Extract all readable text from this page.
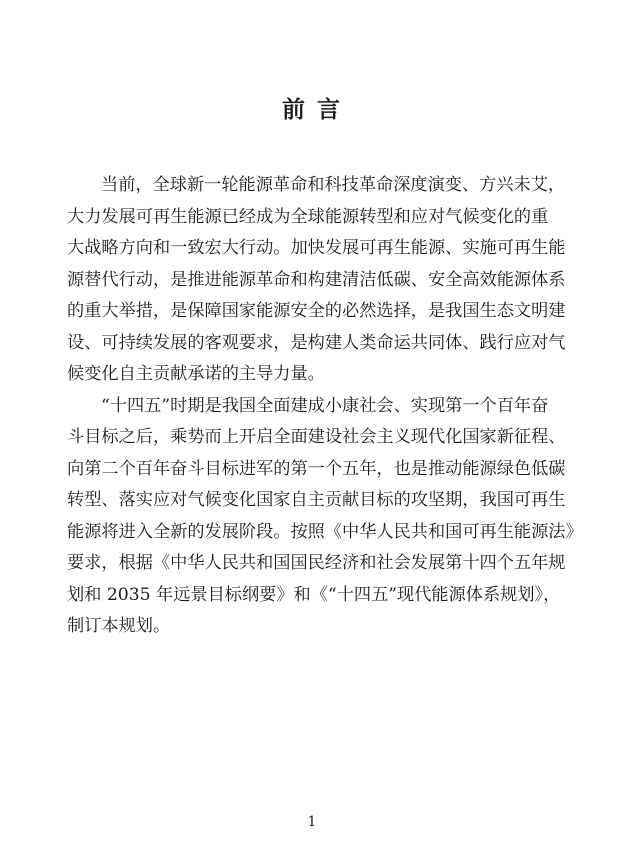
前 言
当前，全球新一轮能源革命和科技革命深度演变、方兴未艾，
大力发展可再生能源已经成为全球能源转型和应对气候变化的重
大战略方向和一致宏大行动。加快发展可再生能源、实施可再生能
源替代行动，是推进能源革命和构建清洁低碳、安全高效能源体系
的重大举措，是保障国家能源安全的必然选择，是我国生态文明建
设、可持续发展的客观要求，是构建人类命运共同体、践行应对气
候变化自主贡献承诺的主导力量。
“十四五”时期是我国全面建成小康社会、实现第一个百年奋
斗目标之后，乘势而上开启全面建设社会主义现代化国家新征程、
向第二个百年奋斗目标进军的第一个五年，也是推动能源绿色低碳
转型、落实应对气候变化国家自主贡献目标的攻坚期，我国可再生
能源将进入全新的发展阶段。按照《中华人民共和国可再生能源法》
要求，根据《中华人民共和国国民经济和社会发展第十四个五年规
划和 2035 年远景目标纲要》和《“十四五”现代能源体系规划》，
制订本规划。
1
